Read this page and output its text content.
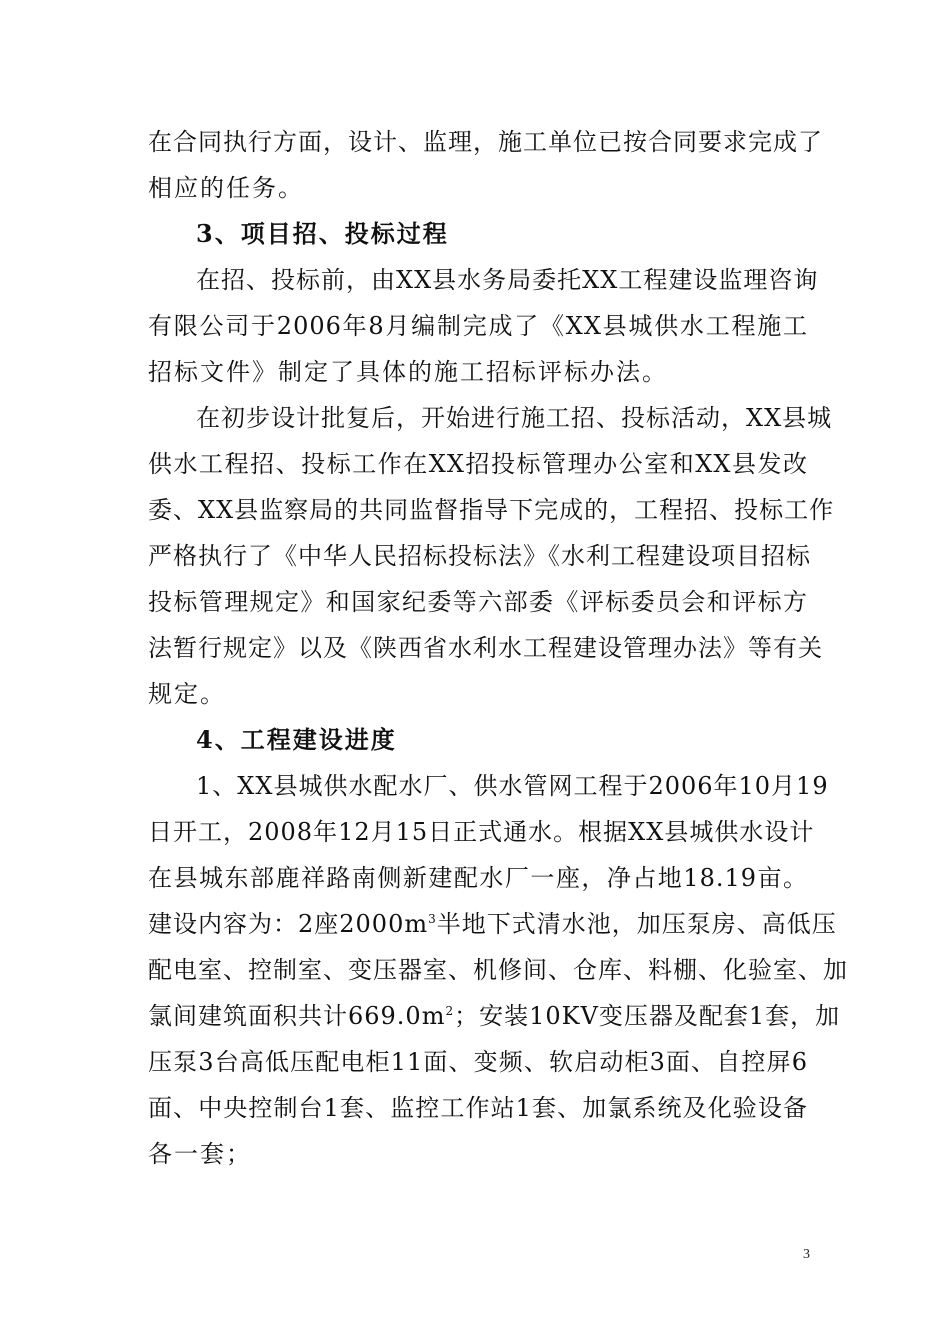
在合同执行方面，设计、监理，施工单位已按合同要求完成了
相应的任务。
3、项目招、投标过程
在招、投标前，由XX县水务局委托XX工程建设监理咨询
有限公司于2006年8月编制完成了《XX县城供水工程施工
招标文件》制定了具体的施工招标评标办法。
在初步设计批复后，开始进行施工招、投标活动，XX县城
供水工程招、投标工作在XX招投标管理办公室和XX县发改
委、XX县监察局的共同监督指导下完成的，工程招、投标工作
严格执行了《中华人民招标投标法》《水利工程建设项目招标
投标管理规定》和国家纪委等六部委《评标委员会和评标方
法暂行规定》以及《陕西省水利水工程建设管理办法》等有关
规定。
4、工程建设进度
1、XX县城供水配水厂、供水管网工程于2006年10月19
日开工，2008年12月15日正式通水。根据XX县城供水设计
在县城东部鹿祥路南侧新建配水厂一座，净占地18.19亩。
建设内容为：2座$2000m^3$半地下式清水池，加压泵房、高低压
配电室、控制室、变压器室、机修间、仓库、料棚、化验室、加
氯间建筑面积共计$669.0m^2$；安装10KV变压器及配套1套，加
压泵3台高低压配电柜11面、变频、软启动柜3面、自控屏6
面、中央控制台1套、监控工作站1套、加氯系统及化验设备
各一套；
3
